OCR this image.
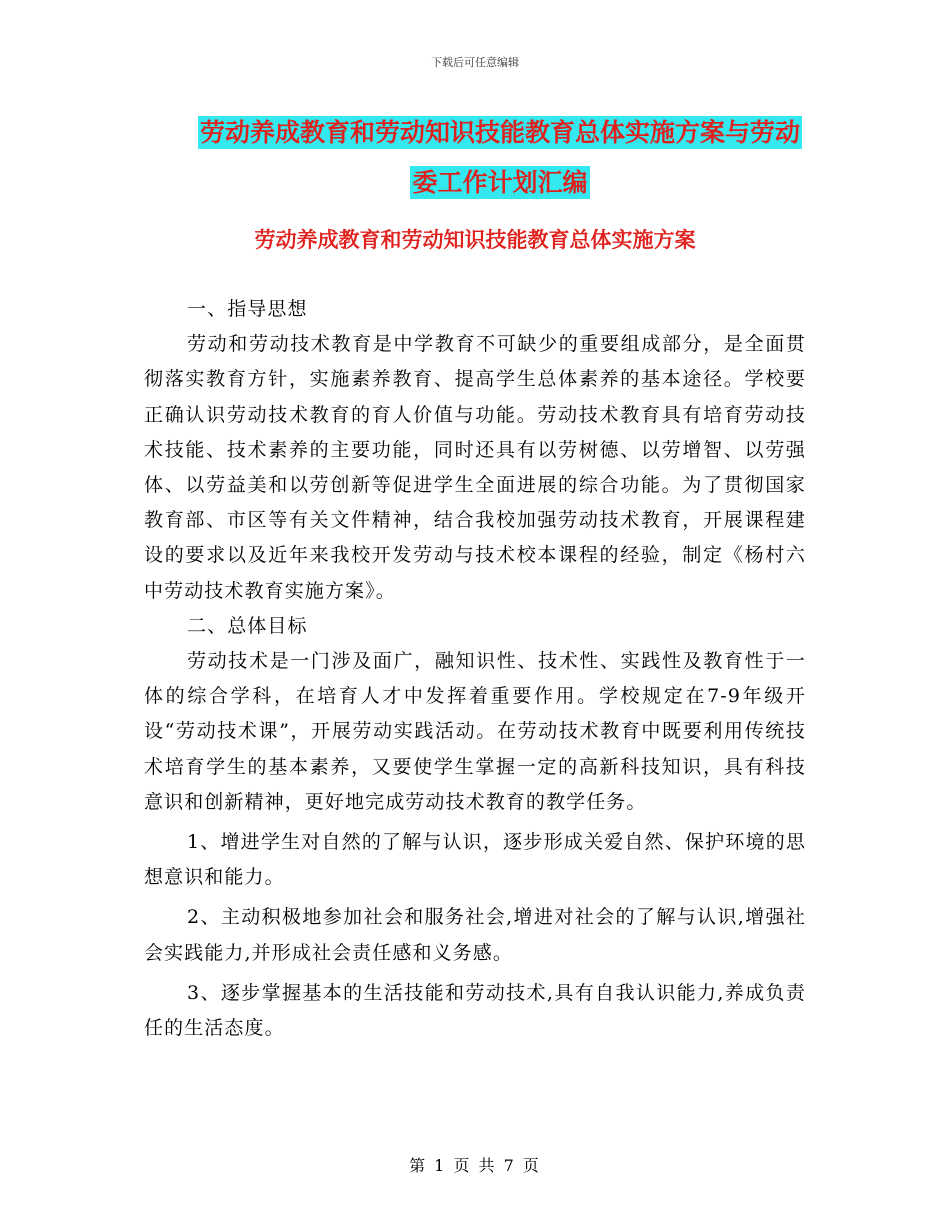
下载后可任意编辑
劳动养成教育和劳动知识技能教育总体实施方案与劳动委工作计划汇编
劳动养成教育和劳动知识技能教育总体实施方案

一、指导思想

劳动和劳动技术教育是中学教育不可缺少的重要组成部分，是全面贯彻落实教育方针，实施素养教育、提高学生总体素养的基本途径。学校要正确认识劳动技术教育的育人价值与功能。劳动技术教育具有培育劳动技术技能、技术素养的主要功能，同时还具有以劳树德、以劳增智、以劳强体、以劳益美和以劳创新等促进学生全面进展的综合功能。为了贯彻国家教育部、市区等有关文件精神，结合我校加强劳动技术教育，开展课程建设的要求以及近年来我校开发劳动与技术校本课程的经验，制定《杨村六中劳动技术教育实施方案》。

二、总体目标

劳动技术是一门涉及面广，融知识性、技术性、实践性及教育性于一体的综合学科，在培育人才中发挥着重要作用。学校规定在7-9年级开设“劳动技术课”，开展劳动实践活动。在劳动技术教育中既要利用传统技术培育学生的基本素养，又要使学生掌握一定的高新科技知识，具有科技意识和创新精神，更好地完成劳动技术教育的教学任务。

1、增进学生对自然的了解与认识，逐步形成关爱自然、保护环境的思想意识和能力。

2、主动积极地参加社会和服务社会,增进对社会的了解与认识,增强社会实践能力,并形成社会责任感和义务感。

3、逐步掌握基本的生活技能和劳动技术,具有自我认识能力,养成负责任的生活态度。

第 1 页 共 7 页
